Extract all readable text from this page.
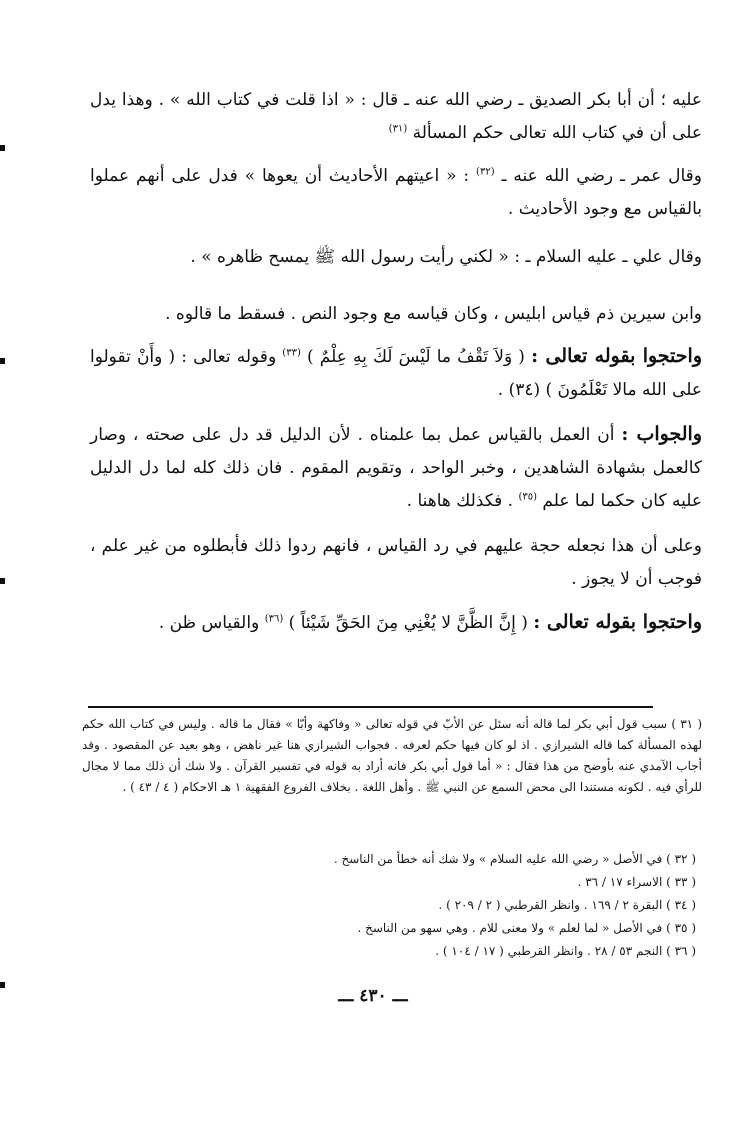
عليه ؛ أن أبا بكر الصديق ـ رضي الله عنه ـ قال : « اذا قلت في كتاب الله » . وهذا يدل على أن في كتاب الله تعالى حكم المسألة $^{(٣١)}$

وقال عمر ـ رضي الله عنه ـ $^{(٣٢)}$ : « اعيتهم الأحاديث أن يعوها » فدل على أنهم عملوا بالقياس مع وجود الأحاديث .

وقال علي ـ عليه السلام ـ : « لكني رأيت رسول الله ﷺ يمسح ظاهره » .

وابن سيرين ذم قياس ابليس ، وكان قياسه مع وجود النص . فسقط ما قالوه .

واحتجوا بقوله تعالى : ( وَلاَ تَقْفُ ما لَيْسَ لَكَ بِهِ عِلْمٌ ) $^{(٣٣)}$ وقوله تعالى : ( وأَنْ تقولوا على الله مالا تَعْلَمُونَ ) (٣٤) .

والجواب : أن العمل بالقياس عمل بما علمناه . لأن الدليل قد دل على صحته ، وصار كالعمل بشهادة الشاهدين ، وخبر الواحد ، وتقويم المقوم . فان ذلك كله لما دل الدليل عليه كان حكما لما علم $^{(٣٥)}$ . فكذلك هاهنا .

وعلى أن هذا نجعله حجة عليهم في رد القياس ، فانهم ردوا ذلك فأبطلوه من غير علم ، فوجب أن لا يجوز .

واحتجوا بقوله تعالى : ( إِنَّ الظَّنَّ لا يُغْنِي مِنَ الحَقِّ شَيْئاً ) $^{(٣٦)}$ والقياس ظن .

( ٣١ ) سبب قول أبي بكر لما قاله أنه سئل عن الأبّ في قوله تعالى « وفاكهة وأبّا » فقال ما قاله . وليس في كتاب الله حكم لهذه المسألة كما قاله الشيرازي . اذ لو كان فيها حكم لعرفه . فجواب الشيرازي هنا غير ناهض ، وهو بعيد عن المقصود . وقد أجاب الآمدي عنه بأوضح من هذا فقال : « أما قول أبي بكر فانه أراد به قوله في تفسير القرآن . ولا شك أن ذلك مما لا مجال للرأي فيه . لكونه مستندا الى محض السمع عن النبي ﷺ . وأهل اللغة . بخلاف الفروع الفقهية ١ هـ الاحكام ( ٤ / ٤٣ ) .
( ٣٢ ) في الأصل « رضي الله عليه السلام » ولا شك أنه خطأ من الناسخ .
( ٣٣ ) الاسراء ١٧ / ٣٦ .
( ٣٤ ) البقرة ٢ / ١٦٩ . وانظر القرطبي ( ٢ / ٢٠٩ ) .
( ٣٥ ) في الأصل « لما لعلم » ولا معنى للام . وهي سهو من الناسخ .
( ٣٦ ) النجم ٥٣ / ٢٨ . وانظر القرطبي ( ١٧ / ١٠٤ ) .
ـــ ٤٣٠ ـــ
